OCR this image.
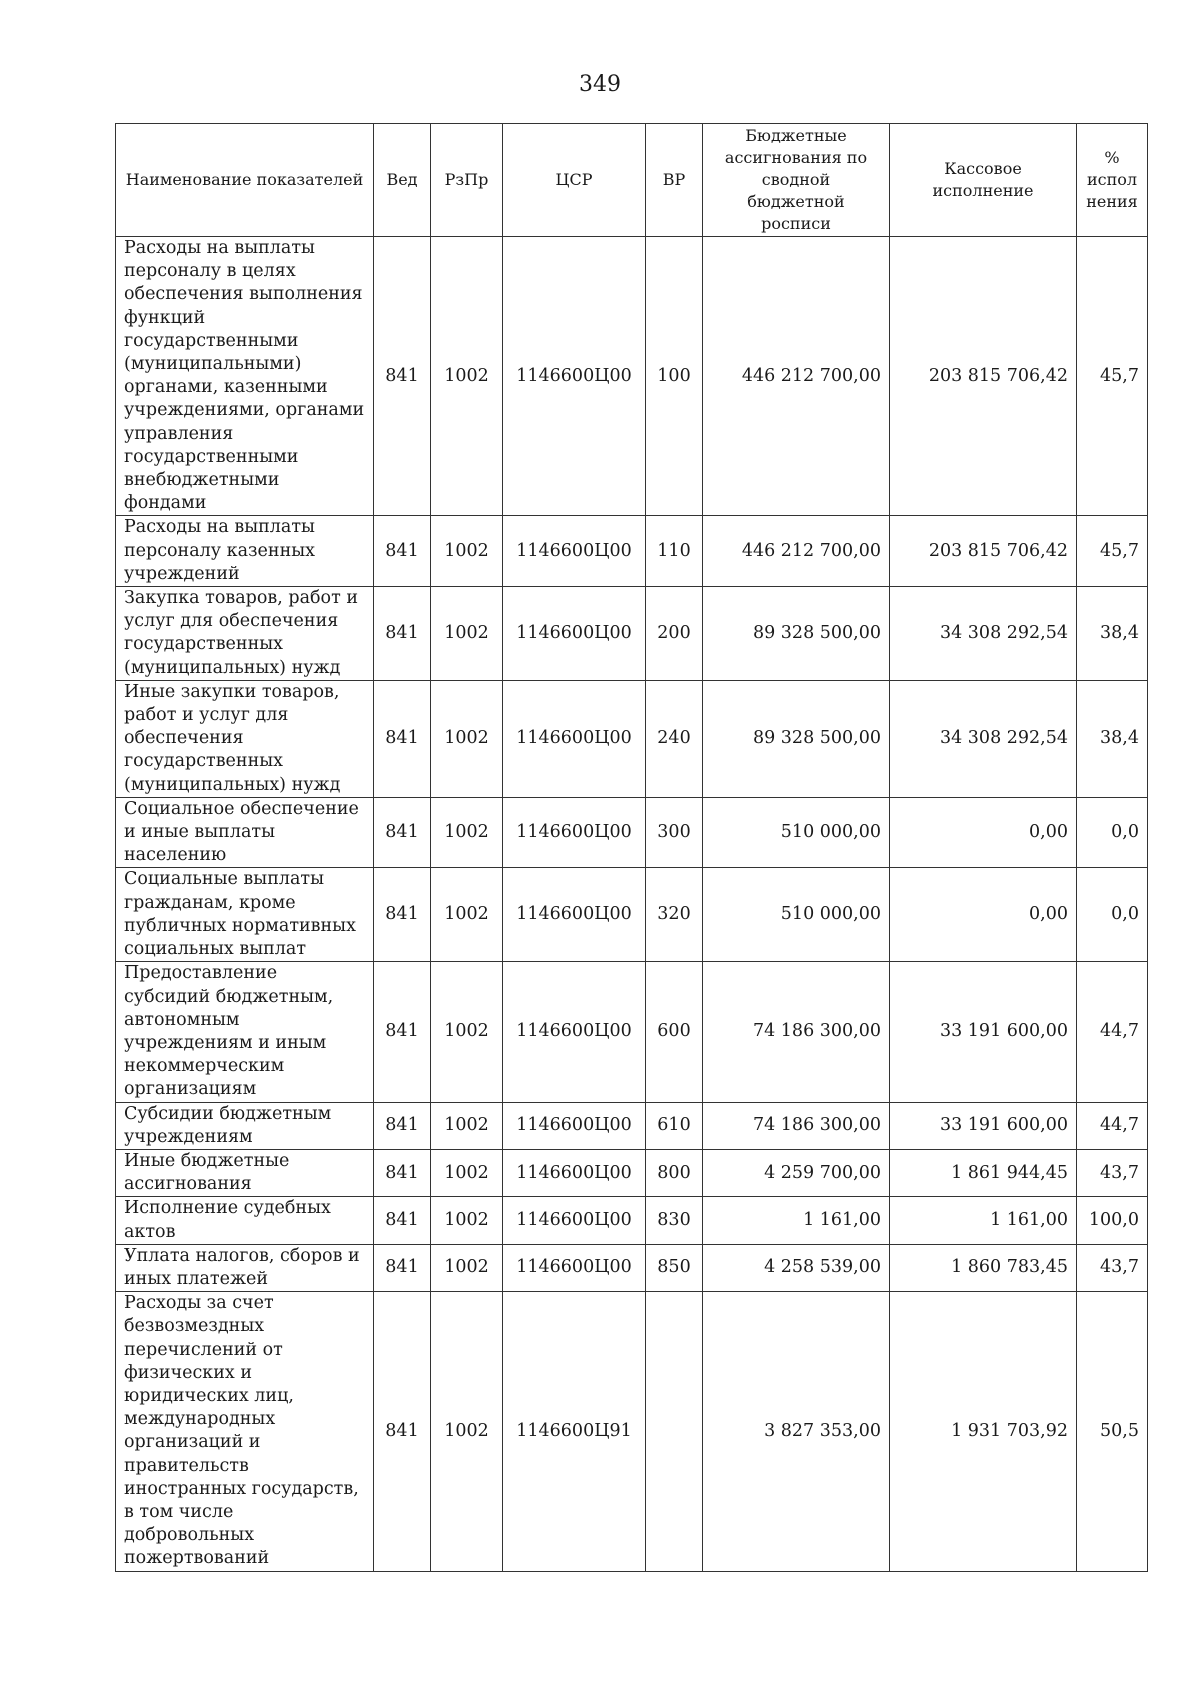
349
Наименование показателей	Вед	РзПр	ЦСР	ВР	Бюджетные ассигнования по сводной бюджетной росписи	Кассовое исполнение	% испол нения
Расходы на выплаты персоналу в целях обеспечения выполнения функций государственными (муниципальными) органами, казенными учреждениями, органами управления государственными внебюджетными фондами	841	1002	1146600Ц00	100	446 212 700,00	203 815 706,42	45,7
Расходы на выплаты персоналу казенных учреждений	841	1002	1146600Ц00	110	446 212 700,00	203 815 706,42	45,7
Закупка товаров, работ и услуг для обеспечения государственных (муниципальных) нужд	841	1002	1146600Ц00	200	89 328 500,00	34 308 292,54	38,4
Иные закупки товаров, работ и услуг для обеспечения государственных (муниципальных) нужд	841	1002	1146600Ц00	240	89 328 500,00	34 308 292,54	38,4
Социальное обеспечение и иные выплаты населению	841	1002	1146600Ц00	300	510 000,00	0,00	0,0
Социальные выплаты гражданам, кроме публичных нормативных социальных выплат	841	1002	1146600Ц00	320	510 000,00	0,00	0,0
Предоставление субсидий бюджетным, автономным учреждениям и иным некоммерческим организациям	841	1002	1146600Ц00	600	74 186 300,00	33 191 600,00	44,7
Субсидии бюджетным учреждениям	841	1002	1146600Ц00	610	74 186 300,00	33 191 600,00	44,7
Иные бюджетные ассигнования	841	1002	1146600Ц00	800	4 259 700,00	1 861 944,45	43,7
Исполнение судебных актов	841	1002	1146600Ц00	830	1 161,00	1 161,00	100,0
Уплата налогов, сборов и иных платежей	841	1002	1146600Ц00	850	4 258 539,00	1 860 783,45	43,7
Расходы за счет безвозмездных перечислений от физических и юридических лиц, международных организаций и правительств иностранных государств, в том числе добровольных пожертвований	841	1002	1146600Ц91		3 827 353,00	1 931 703,92	50,5
